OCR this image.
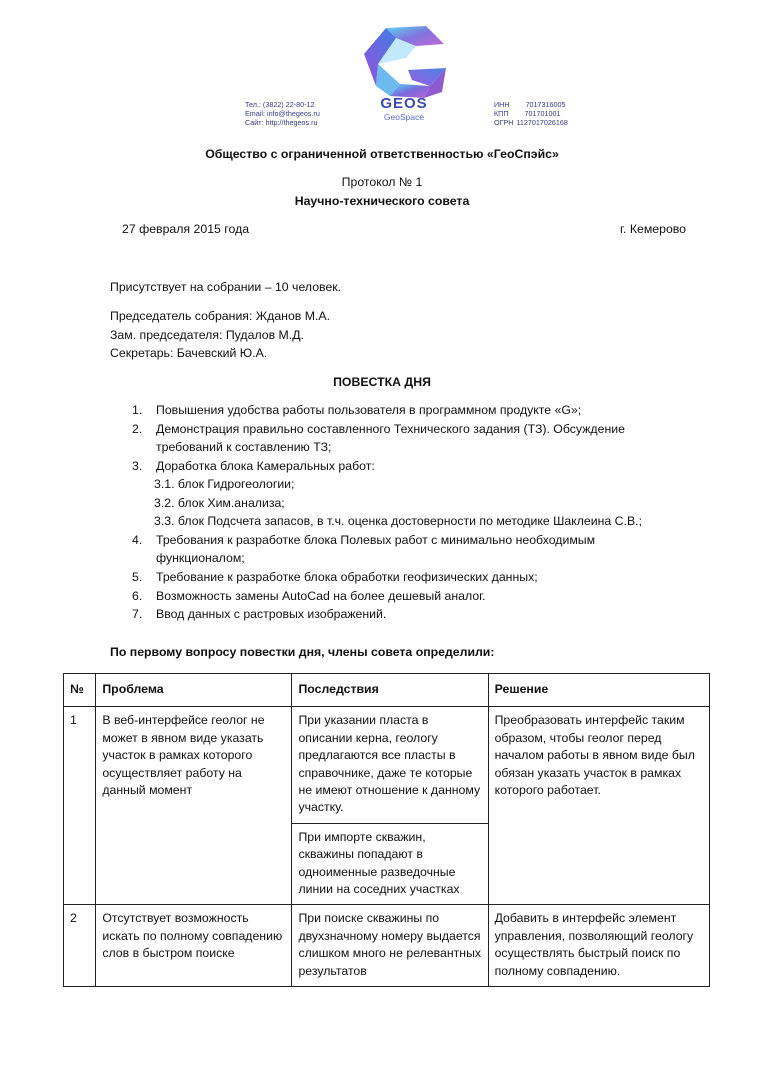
Тел.: (3822) 22-80-12
Email: info@thegeos.ru
Сайт: http://thegeos.ru
GEOS
GeoSpace
ИНН 7017316005
КПП 701701001
ОГРН 1127017026168
Общество с ограниченной ответственностью «ГеоСпэйс»
Протокол № 1
Научно-технического совета
27 февраля 2015 года	г. Кемерово
Присутствует на собрании – 10 человек.
Председатель собрания: Жданов М.А.
Зам. председателя: Пудалов М.Д.
Секретарь: Бачевский Ю.А.
ПОВЕСТКА ДНЯ
1. Повышения удобства работы пользователя в программном продукте «G»;
2. Демонстрация правильно составленного Технического задания (ТЗ). Обсуждение требований к составлению ТЗ;
3. Доработка блока Камеральных работ:
3.1. блок Гидрогеологии;
3.2. блок Хим.анализа;
3.3. блок Подсчета запасов, в т.ч. оценка достоверности по методике Шаклеина С.В.;
4. Требования к разработке блока Полевых работ с минимально необходимым функционалом;
5. Требование к разработке блока обработки геофизических данных;
6. Возможность замены AutoCad на более дешевый аналог.
7. Ввод данных с растровых изображений.
По первому вопросу повестки дня, члены совета определили:
№	Проблема	Последствия	Решение
1	В веб-интерфейсе геолог не может в явном виде указать участок в рамках которого осуществляет работу на данный момент	При указании пласта в описании керна, геологу предлагаются все пласты в справочнике, даже те которые не имеют отношение к данному участку.	Преобразовать интерфейс таким образом, чтобы геолог перед началом работы в явном виде был обязан указать участок в рамках которого работает.
		При импорте скважин, скважины попадают в одноименные разведочные линии на соседних участках	
2	Отсутствует возможность искать по полному совпадению слов в быстром поиске	При поиске скважины по двухзначному номеру выдается слишком много не релевантных результатов	Добавить в интерфейс элемент управления, позволяющий геологу осуществлять быстрый поиск по полному совпадению.
